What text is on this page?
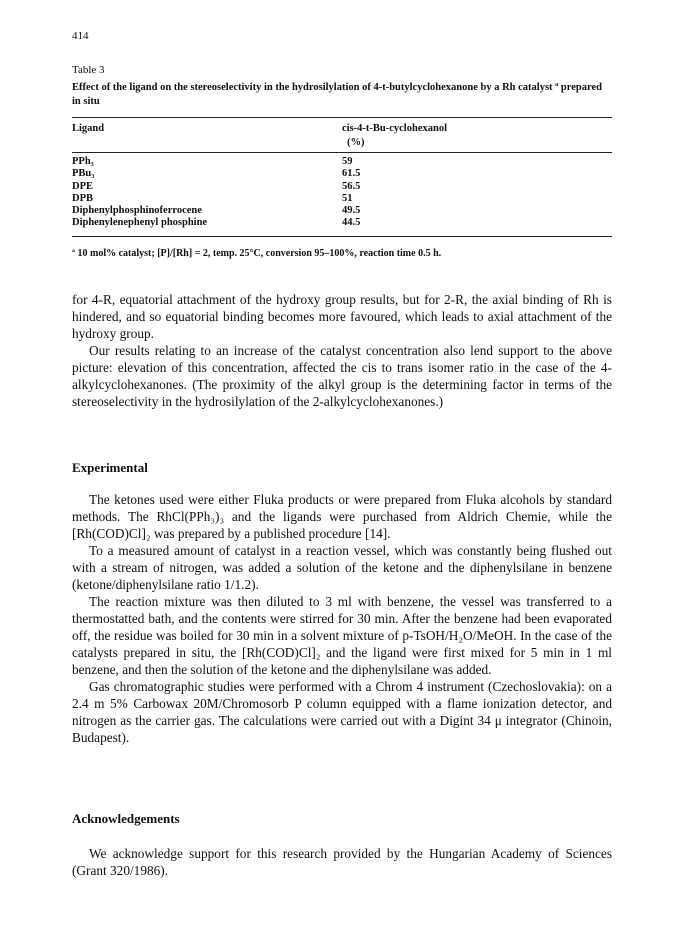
414
Table 3
Effect of the ligand on the stereoselectivity in the hydrosilylation of 4-t-butylcyclohexanone by a Rh catalyst ª prepared in situ
Ligand	cis-4-t-Bu-cyclohexanol
(%)
PPh₃	59
PBu₃	61.5
DPE	56.5
DPB	51
Diphenylphosphinoferrocene	49.5
Diphenylenephenyl phosphine	44.5
ª 10 mol% catalyst; [P]/[Rh] = 2, temp. 25°C, conversion 95–100%, reaction time 0.5 h.

for 4-R, equatorial attachment of the hydroxy group results, but for 2-R, the axial binding of Rh is hindered, and so equatorial binding becomes more favoured, which leads to axial attachment of the hydroxy group.

Our results relating to an increase of the catalyst concentration also lend support to the above picture: elevation of this concentration, affected the cis to trans isomer ratio in the case of the 4-alkylcyclohexanones. (The proximity of the alkyl group is the determining factor in terms of the stereoselectivity in the hydrosilylation of the 2-alkylcyclohexanones.)

Experimental

The ketones used were either Fluka products or were prepared from Fluka alcohols by standard methods. The RhCl(PPh₃)₃ and the ligands were purchased from Aldrich Chemie, while the [Rh(COD)Cl]₂ was prepared by a published procedure [14].

To a measured amount of catalyst in a reaction vessel, which was constantly being flushed out with a stream of nitrogen, was added a solution of the ketone and the diphenylsilane in benzene (ketone/diphenylsilane ratio 1/1.2).

The reaction mixture was then diluted to 3 ml with benzene, the vessel was transferred to a thermostatted bath, and the contents were stirred for 30 min. After the benzene had been evaporated off, the residue was boiled for 30 min in a solvent mixture of p-TsOH/H₂O/MeOH. In the case of the catalysts prepared in situ, the [Rh(COD)Cl]₂ and the ligand were first mixed for 5 min in 1 ml benzene, and then the solution of the ketone and the diphenylsilane was added.

Gas chromatographic studies were performed with a Chrom 4 instrument (Czechoslovakia): on a 2.4 m 5% Carbowax 20M/Chromosorb P column equipped with a flame ionization detector, and nitrogen as the carrier gas. The calculations were carried out with a Digint 34 μ integrator (Chinoin, Budapest).

Acknowledgements

We acknowledge support for this research provided by the Hungarian Academy of Sciences (Grant 320/1986).
